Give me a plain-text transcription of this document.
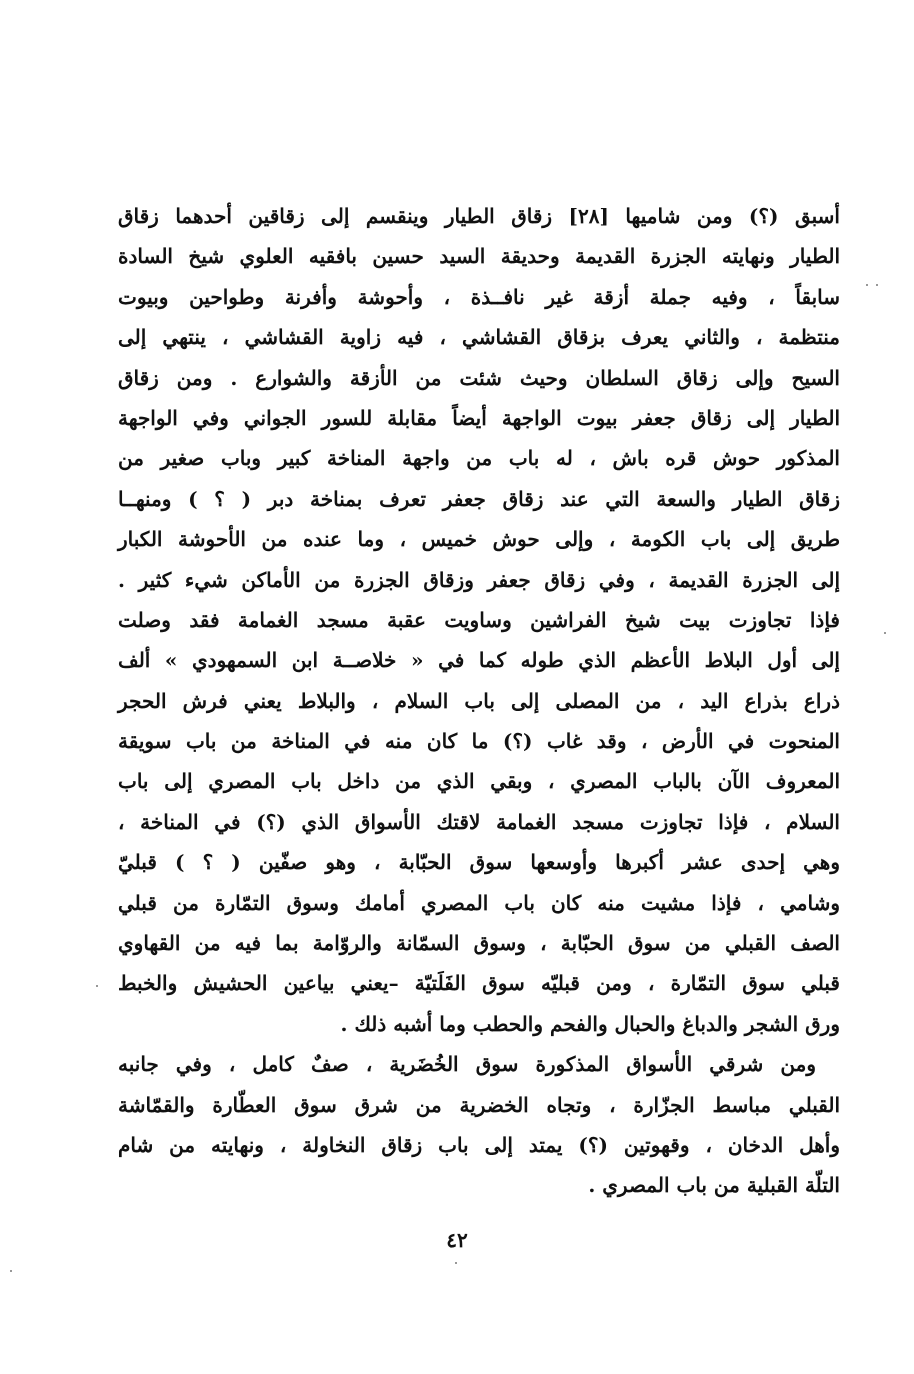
أسبق (؟) ومن شاميها [٢٨] زقاق الطيار وينقسم إلى زقاقين أحدهما زقاق
الطيار ونهايته الجزرة القديمة وحديقة السيد حسين بافقيه العلوي شيخ السادة
سابقاً ، وفيه جملة أزقة غير نافــذة ، وأحوشة وأفرنة وطواحين وبيوت
منتظمة ، والثاني يعرف بزقاق القشاشي ، فيه زاوية القشاشي ، ينتهي إلى
السيح وإلى زقاق السلطان وحيث شئت من الأزقة والشوارع . ومن زقاق
الطيار إلى زقاق جعفر بيوت الواجهة أيضاً مقابلة للسور الجواني وفي الواجهة
المذكور حوش قره باش ، له باب من واجهة المناخة كبير وباب صغير من
زقاق الطيار والسعة التي عند زقاق جعفر تعرف بمناخة دبر ( ؟ ) ومنهــا
طريق إلى باب الكومة ، وإلى حوش خميس ، وما عنده من الأحوشة الكبار
إلى الجزرة القديمة ، وفي زقاق جعفر وزقاق الجزرة من الأماكن شيء كثير .
فإذا تجاوزت بيت شيخ الفراشين وساويت عقبة مسجد الغمامة فقد وصلت
إلى أول البلاط الأعظم الذي طوله كما في « خلاصــة ابن السمهودي » ألف
ذراع بذراع اليد ، من المصلى إلى باب السلام ، والبلاط يعني فرش الحجر
المنحوت في الأرض ، وقد غاب (؟) ما كان منه في المناخة من باب سويقة
المعروف الآن بالباب المصري ، وبقي الذي من داخل باب المصري إلى باب
السلام ، فإذا تجاوزت مسجد الغمامة لاقتك الأسواق الذي (؟) في المناخة ،
وهي إحدى عشر أكبرها وأوسعها سوق الحبّابة ، وهو صفّين ( ؟ ) قبليّ
وشامي ، فإذا مشيت منه كان باب المصري أمامك وسوق التمّارة من قبلي
الصف القبلي من سوق الحبّابة ، وسوق السمّانة والروّامة بما فيه من القهاوي
قبلي سوق التمّارة ، ومن قبليّه سوق الفَلَتيّة –يعني بياعين الحشيش والخبط
ورق الشجر والدباغ والحبال والفحم والحطب وما أشبه ذلك .
ومن شرقي الأسواق المذكورة سوق الخُضَرية ، صفٌ كامل ، وفي جانبه
القبلي مباسط الجزّارة ، وتجاه الخضرية من شرق سوق العطّارة والقمّاشة
وأهل الدخان ، وقهوتين (؟) يمتد إلى باب زقاق النخاولة ، ونهايته من شام
التلّة القبلية من باب المصري .
٤٢
